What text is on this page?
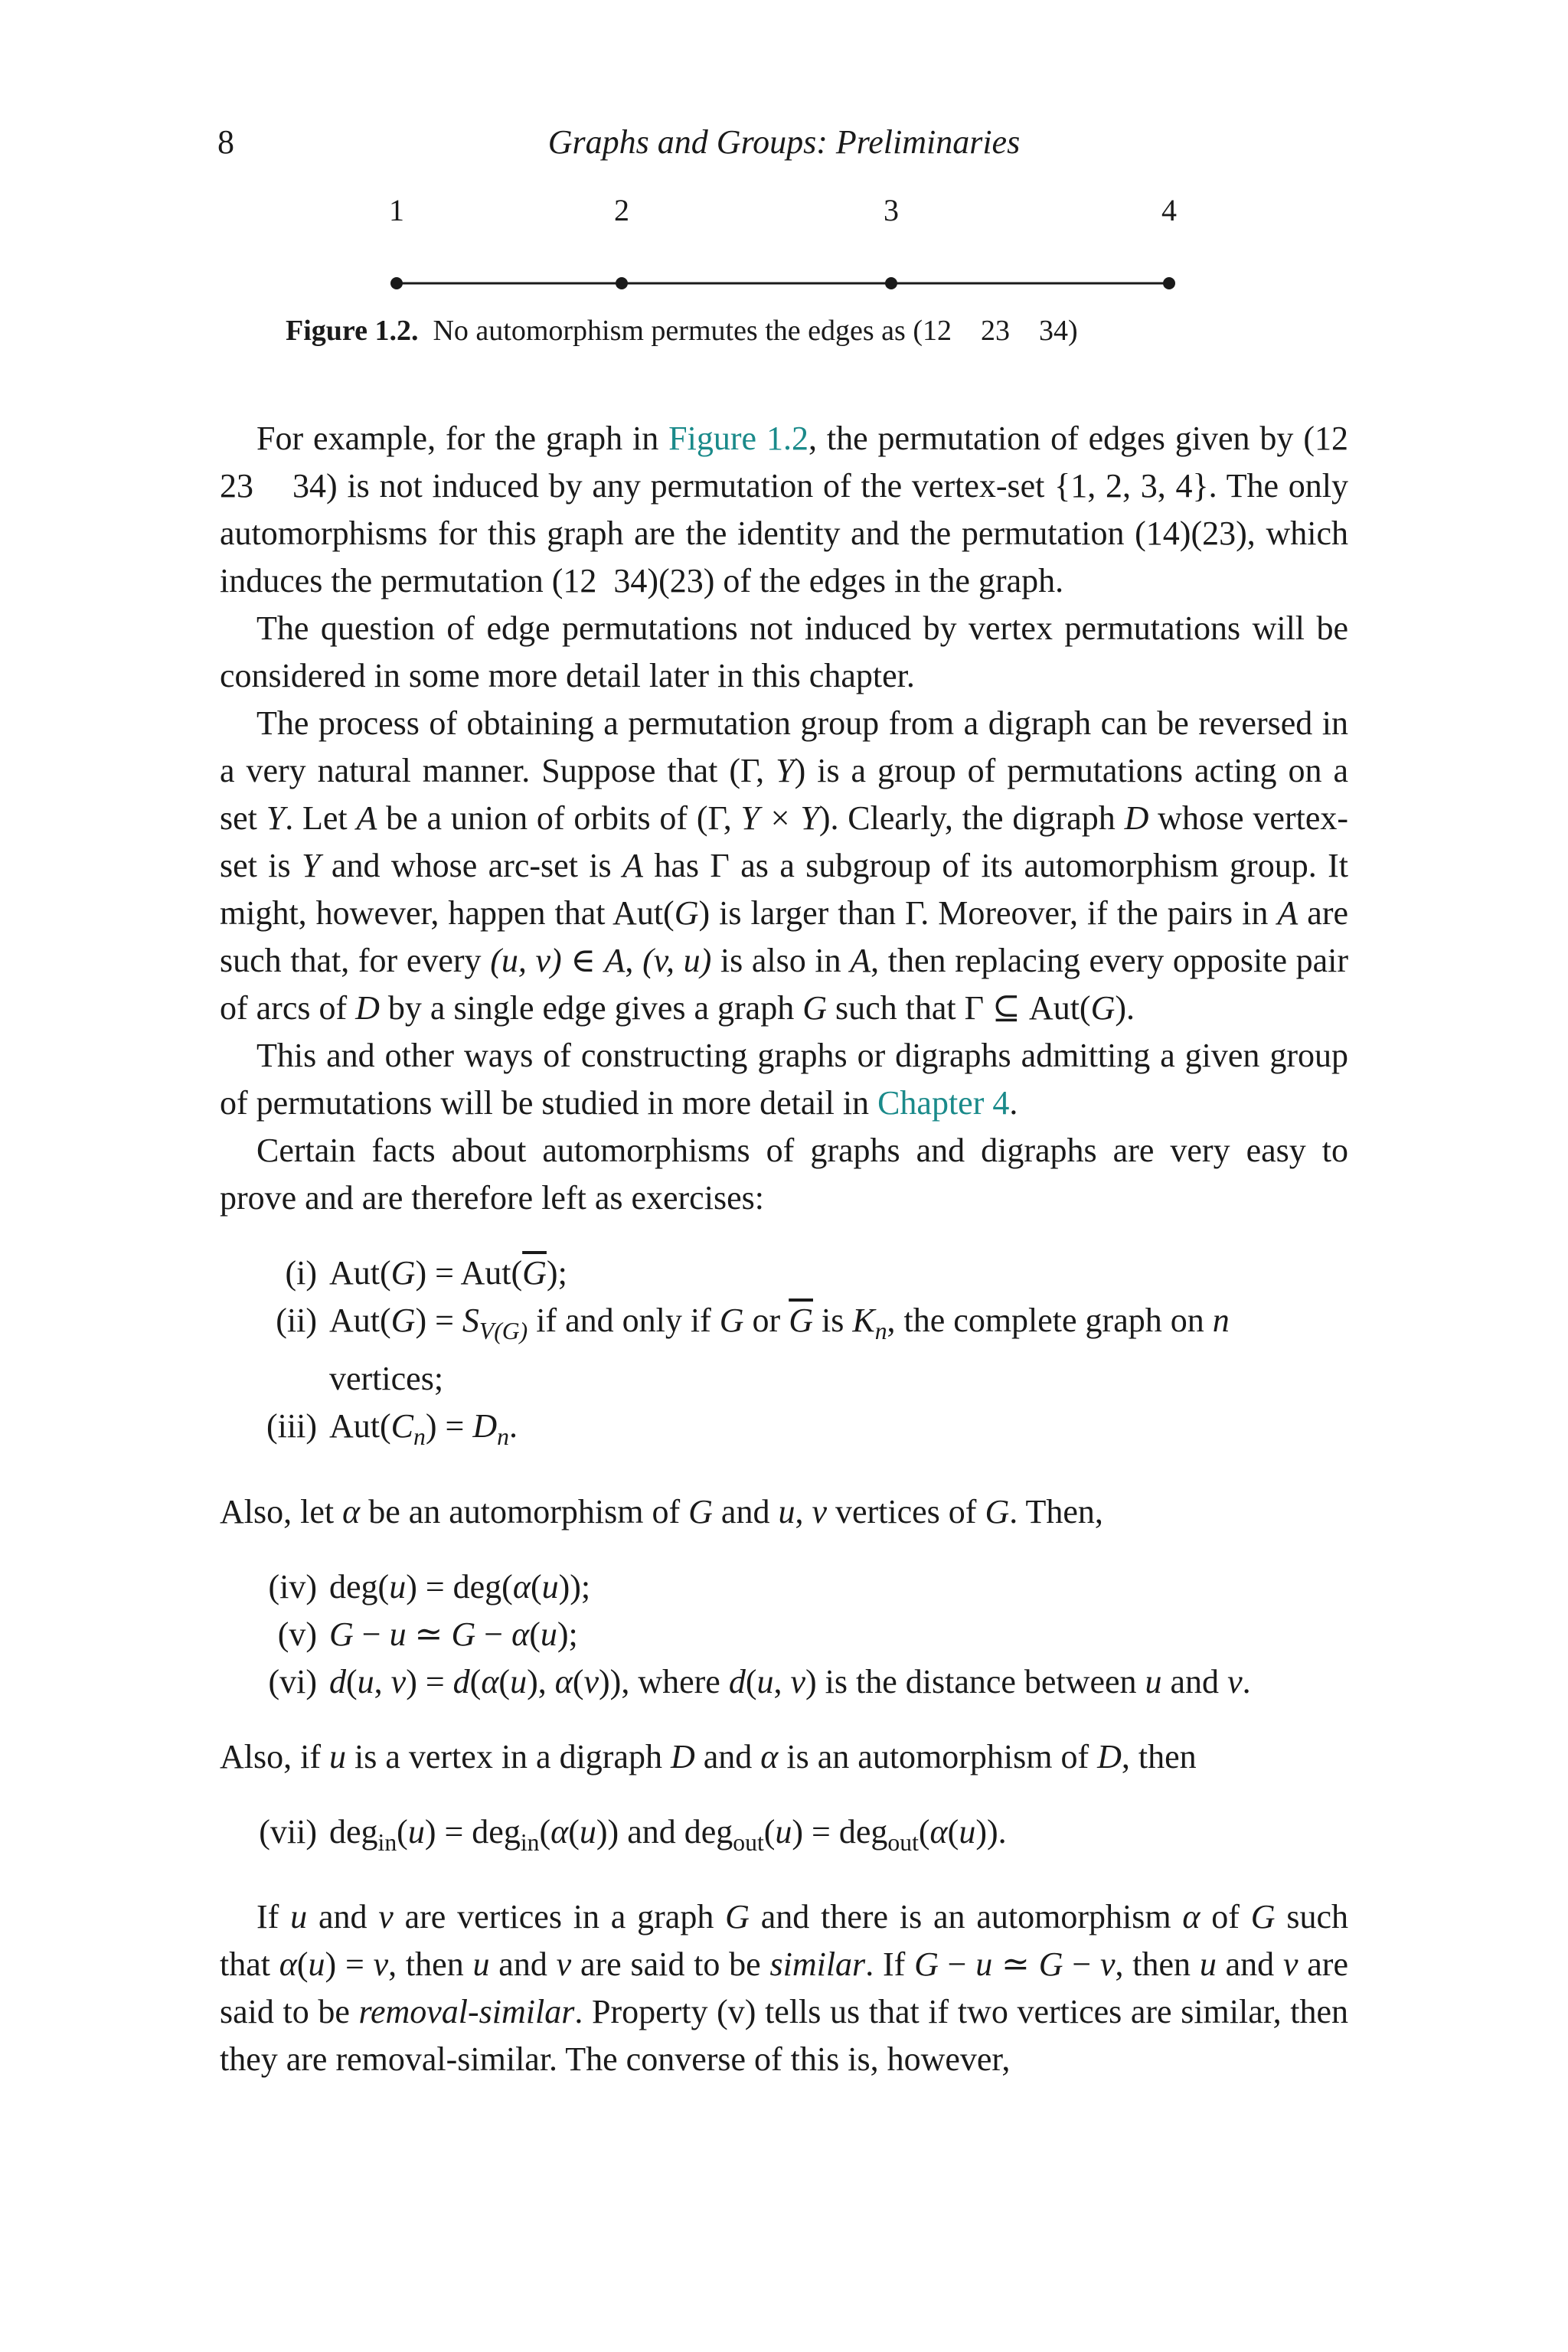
8	Graphs and Groups: Preliminaries
1	2	3	4
Figure 1.2. No automorphism permutes the edges as (12    23    34)

For example, for the graph in Figure 1.2, the permutation of edges given by (12    23    34) is not induced by any permutation of the vertex-set {1, 2, 3, 4}. The only automorphisms for this graph are the identity and the permutation (14)(23), which induces the permutation (12  34)(23) of the edges in the graph.

The question of edge permutations not induced by vertex permutations will be considered in some more detail later in this chapter.

The process of obtaining a permutation group from a digraph can be reversed in a very natural manner. Suppose that (Γ, Y) is a group of permutations acting on a set Y. Let A be a union of orbits of (Γ, Y × Y). Clearly, the digraph D whose vertex-set is Y and whose arc-set is A has Γ as a subgroup of its automorphism group. It might, however, happen that Aut(G) is larger than Γ. Moreover, if the pairs in A are such that, for every (u, v) ∈ A, (v, u) is also in A, then replacing every opposite pair of arcs of D by a single edge gives a graph G such that Γ ⊆ Aut(G).

This and other ways of constructing graphs or digraphs admitting a given group of permutations will be studied in more detail in Chapter 4.

Certain facts about automorphisms of graphs and digraphs are very easy to prove and are therefore left as exercises:

(i) $Aut(G) = Aut(\overline{G})$;
(ii) $Aut(G) = S_{V(G)}$ if and only if G or $\overline{G}$ is $K_n$, the complete graph on n vertices;
(iii) $Aut(C_n) = D_n$.

Also, let α be an automorphism of G and u, v vertices of G. Then,

(iv) deg(u) = deg(α(u));
(v) G − u ≃ G − α(u);
(vi) d(u, v) = d(α(u), α(v)), where d(u, v) is the distance between u and v.

Also, if u is a vertex in a digraph D and α is an automorphism of D, then

(vii) deg$_{in}$(u) = deg$_{in}$(α(u)) and deg$_{out}$(u) = deg$_{out}$(α(u)).

If u and v are vertices in a graph G and there is an automorphism α of G such that α(u) = v, then u and v are said to be similar. If G − u ≃ G − v, then u and v are said to be removal-similar. Property (v) tells us that if two vertices are similar, then they are removal-similar. The converse of this is, however,
